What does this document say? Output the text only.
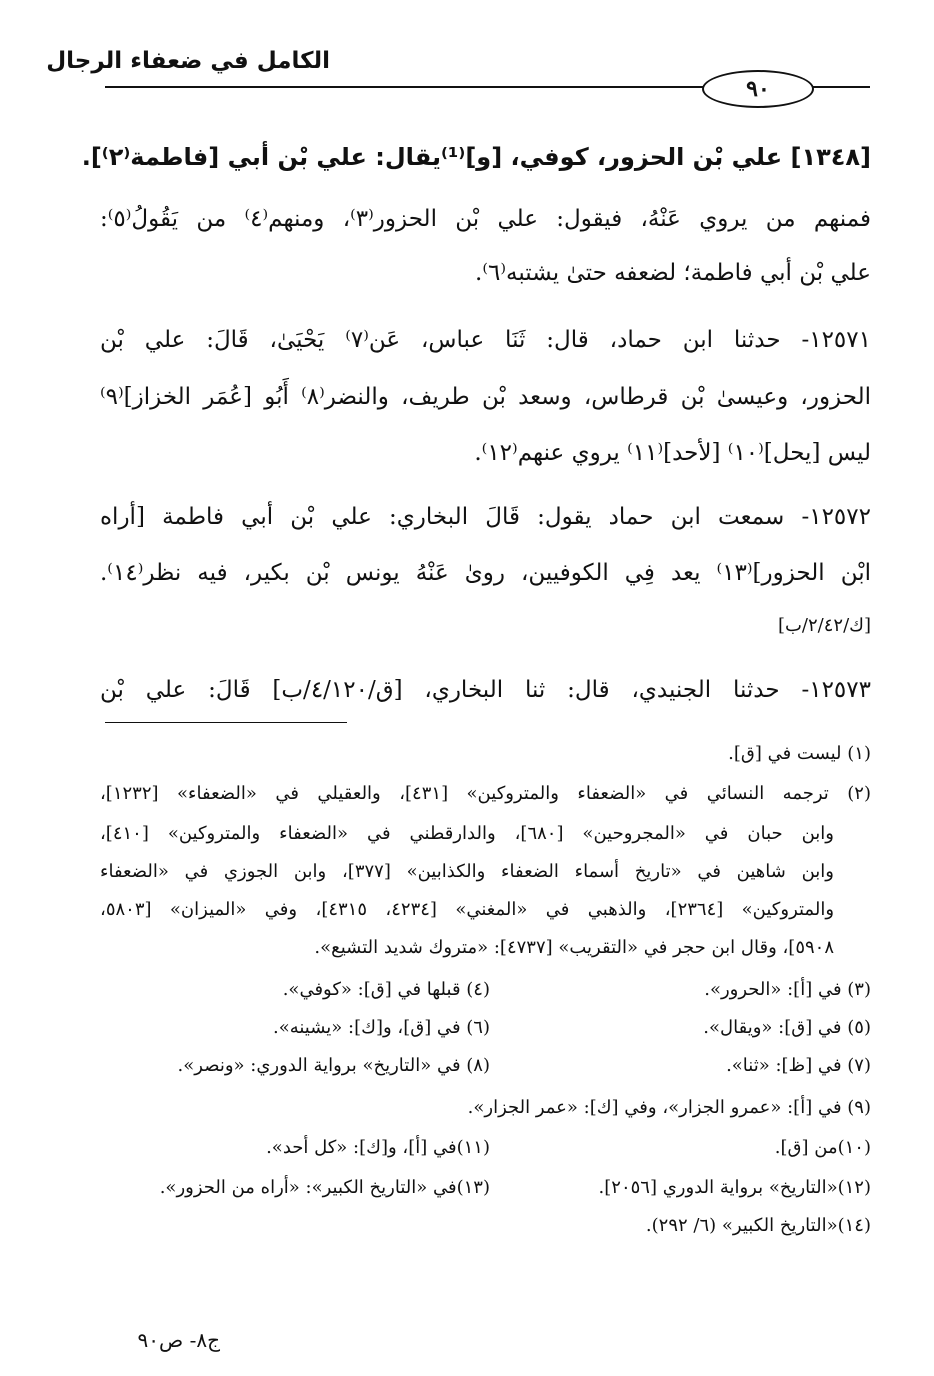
الكامل في ضعفاء الرجال
٩٠
[١٣٤٨] علي بْن الحزور، كوفي، [و]⁽¹⁾يقال: علي بْن أبي [فاطمة⁽٢⁾].
فمنهم من يروي عَنْهُ، فيقول: علي بْن الحزور⁽٣⁾، ومنهم⁽٤⁾ من يَقُولُ⁽٥⁾:
علي بْن أبي فاطمة؛ لضعفه حتىٰ يشتبه⁽٦⁾.
١٢٥٧١- حدثنا ابن حماد، قال: ثَنَا عباس، عَن⁽٧⁾ يَحْيَىٰ، قَالَ: علي بْن
الحزور، وعيسىٰ بْن قرطاس، وسعد بْن طريف، والنضر⁽٨⁾ أَبُو [عُمَر الخزاز]⁽٩⁾
ليس [يحل]⁽١٠⁾ [لأحد]⁽١١⁾ يروي عنهم⁽١٢⁾.
١٢٥٧٢- سمعت ابن حماد يقول: قَالَ البخاري: علي بْن أبي فاطمة [أراه
ابْن الحزور]⁽١٣⁾ يعد فِي الكوفيين، روىٰ عَنْهُ يونس بْن بكير، فيه نظر⁽١٤⁾.
[ك/٢/٤٢/ب]
١٢٥٧٣- حدثنا الجنيدي، قال: ثنا البخاري، [ق/٤/١٢٠/ب] قَالَ: علي بْن
(١) ليست في [ق].
(٢) ترجمه النسائي في «الضعفاء والمتروكين» [٤٣١]، والعقيلي في «الضعفاء» [١٢٣٢]،
وابن حبان في «المجروحين» [٦٨٠]، والدارقطني في «الضعفاء والمتروكين» [٤١٠]،
وابن شاهين في «تاريخ أسماء الضعفاء والكذابين» [٣٧٧]، وابن الجوزي في «الضعفاء
والمتروكين» [٢٣٦٤]، والذهبي في «المغني» [٤٢٣٤، ٤٣١٥]، وفي «الميزان» [٥٨٠٣،
٥٩٠٨]، وقال ابن حجر في «التقريب» [٤٧٣٧]: «متروك شديد التشيع».
(٣) في [أ]: «الحرور».
(٤) قبلها في [ق]: «كوفي».
(٥) في [ق]: «ويقال».
(٦) في [ق]، و[ك]: «يشينه».
(٧) في [ظ]: «ثنا».
(٨) في «التاريخ» برواية الدوري: «ونصر».
(٩) في [أ]: «عمرو الجزار»، وفي [ك]: «عمر الجزار».
(١٠)من [ق].
(١١)في [أ]، و[ك]: «كل أحد».
(١٢)«التاريخ» برواية الدوري [٢٠٥٦].
(١٣)في «التاريخ الكبير»: «أراه من الحزور».
(١٤)«التاريخ الكبير» (٦/ ٢٩٢).
ج٨- ص٩٠
